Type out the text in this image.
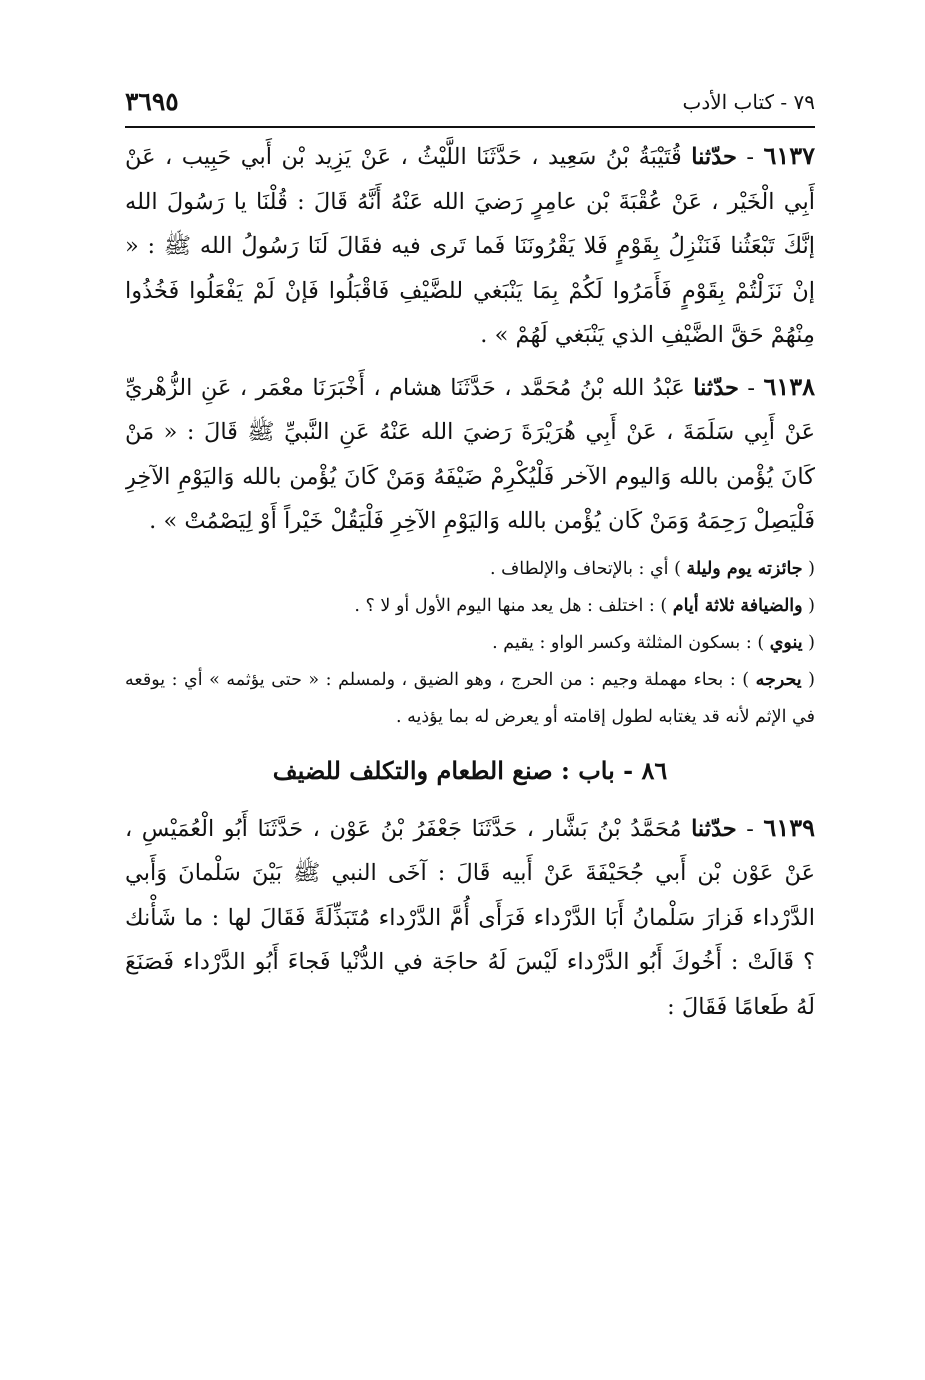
٧٩ - كتاب الأدب
٣٦٩٥

٦١٣٧ - حدّثنا قُتَيْبَةُ بْنُ سَعِيد ، حَدَّثَنَا اللَّيْثُ ، عَنْ يَزِيد بْن أَبي حَبِيب ، عَنْ أَبِي الْخَيْر ، عَنْ عُقْبَةَ بْن عامِرٍ رَضيَ الله عَنْهُ أَنَّهُ قَالَ : قُلْنَا يا رَسُولَ الله إنَّكَ تَبْعَثُنا فَنَنْزِلُ بِقَوْمٍ فَلا يَقْرُونَنَا فَما تَرى فيه فقَالَ لَنَا رَسُولُ الله ﷺ : « إنْ نَزَلْتُمْ بِقَوْمٍ فَأَمَرُوا لَكُمْ بِمَا يَنْبَغي للضَّيْفِ فَاقْبَلُوا فَإنْ لَمْ يَفْعَلُوا فَخُذُوا مِنْهُمْ حَقَّ الضَّيْفِ الذي يَنْبَغي لَهُمْ » .

٦١٣٨ - حدّثنا عَبْدُ الله بْنُ مُحَمَّد ، حَدَّثَنَا هشام ، أَخْبَرَنَا معْمَر ، عَنِ الزُّهْريِّ عَنْ أَبِي سَلَمَةَ ، عَنْ أَبِي هُرَيْرَةَ رَضيَ الله عَنْهُ عَنِ النَّبيِّ ﷺ قَالَ : « مَنْ كَانَ يُؤْمن بالله وَاليوم الآخر فَلْيُكْرِمْ ضَيْفَهُ وَمَنْ كَانَ يُؤْمن بالله وَاليَوْمِ الآخِرِ فَلْيَصِلْ رَحِمَهُ وَمَنْ كَان يُؤْمن بالله وَاليَوْمِ الآخِرِ فَلْيَقُلْ خَيْراً أَوْ لِيَصْمُتْ » .

( جائزته يوم وليلة ) أي : بالإتحاف والإلطاف .

( والضيافة ثلاثة أيام ) : اختلف : هل يعد منها اليوم الأول أو لا ؟ .

( ينوي ) : بسكون المثلثة وكسر الواو : يقيم .

( يحرجه ) : بحاء مهملة وجيم : من الحرج ، وهو الضيق ، ولمسلم : « حتى يؤثمه » أي : يوقعه في الإثم لأنه قد يغتابه لطول إقامته أو يعرض له بما يؤذيه .

٨٦ - باب : صنع الطعام والتكلف للضيف

٦١٣٩ - حدّثنا مُحَمَّدُ بْنُ بَشَّار ، حَدَّثَنَا جَعْفَرُ بْنُ عَوْن ، حَدَّثَنَا أَبُو الْعُمَيْسِ ، عَنْ عَوْن بْن أَبي جُحَيْفَةَ عَنْ أَبيه قَالَ : آخَى النبي ﷺ بَيْنَ سَلْمانَ وَأَبي الدَّرْداء فَزارَ سَلْمانُ أَبَا الدَّرْداء فَرَأَى أُمَّ الدَّرْداء مُتَبَذِّلَةً فَقَالَ لها : ما شَأْنك ؟ قَالَتْ : أَخُوكَ أَبُو الدَّرْداء لَيْسَ لَهُ حاجَة في الدُّنْيا فَجاءَ أَبُو الدَّرْداء فَصَنَعَ لَهُ طَعامًا فَقَالَ :
